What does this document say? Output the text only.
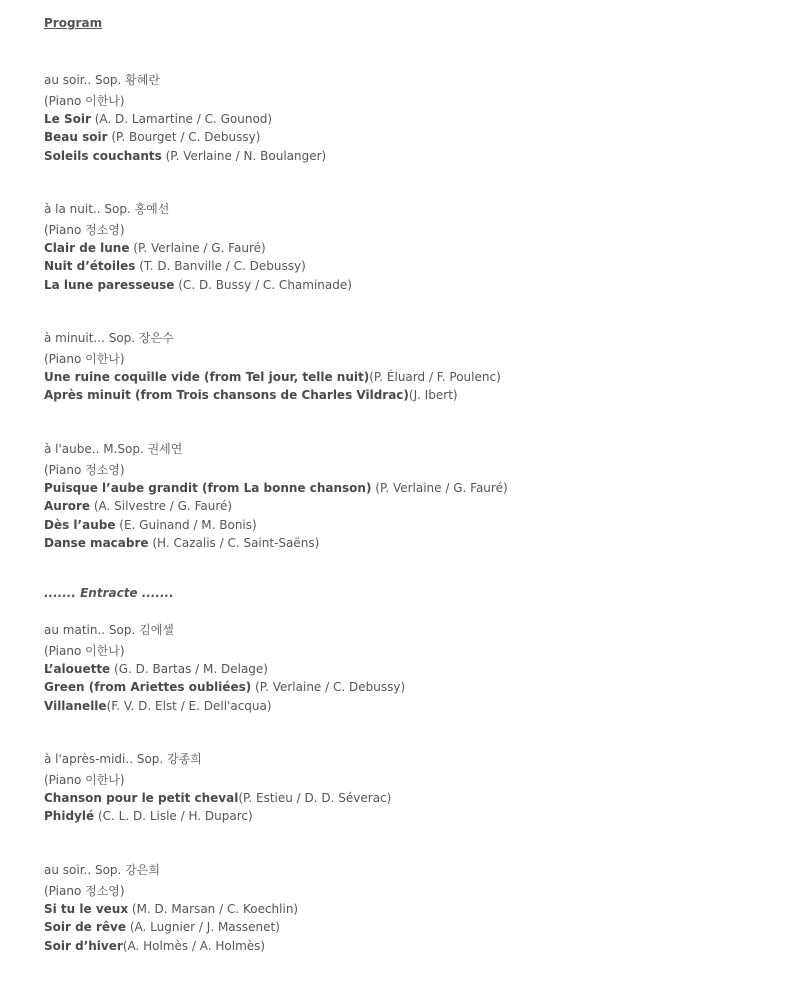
Program
au soir.. Sop. 황혜란
(Piano 이한나)
Le Soir (A. D. Lamartine / C. Gounod)
Beau soir (P. Bourget / C. Debussy)
Soleils couchants (P. Verlaine / N. Boulanger)
à la nuit.. Sop. 홍예선
(Piano 정소영)
Clair de lune (P. Verlaine / G. Fauré)
Nuit d’étoiles (T. D. Banville / C. Debussy)
La lune paresseuse (C. D. Bussy / C. Chaminade)
à minuit... Sop. 장은수
(Piano 이한나)
Une ruine coquille vide (from Tel jour, telle nuit)(P. Éluard / F. Poulenc)
Après minuit (from Trois chansons de Charles Vildrac)(J. Ibert)
à l'aube.. M.Sop. 권세연
(Piano 정소영)
Puisque l’aube grandit (from La bonne chanson) (P. Verlaine / G. Fauré)
Aurore (A. Silvestre / G. Fauré)
Dès l’aube (E. Guinand / M. Bonis)
Danse macabre (H. Cazalis / C. Saint-Saëns)
....... Entracte .......
au matin.. Sop. 김에셀
(Piano 이한나)
L’alouette (G. D. Bartas / M. Delage)
Green (from Ariettes oubliées) (P. Verlaine / C. Debussy)
Villanelle(F. V. D. Elst / E. Dell'acqua)
à l'après-midi.. Sop. 강종희
(Piano 이한나)
Chanson pour le petit cheval(P. Estieu / D. D. Séverac)
Phidylé (C. L. D. Lisle / H. Duparc)
au soir.. Sop. 강은희
(Piano 정소영)
Si tu le veux (M. D. Marsan / C. Koechlin)
Soir de rêve (A. Lugnier / J. Massenet)
Soir d’hiver(A. Holmès / A. Holmès)
